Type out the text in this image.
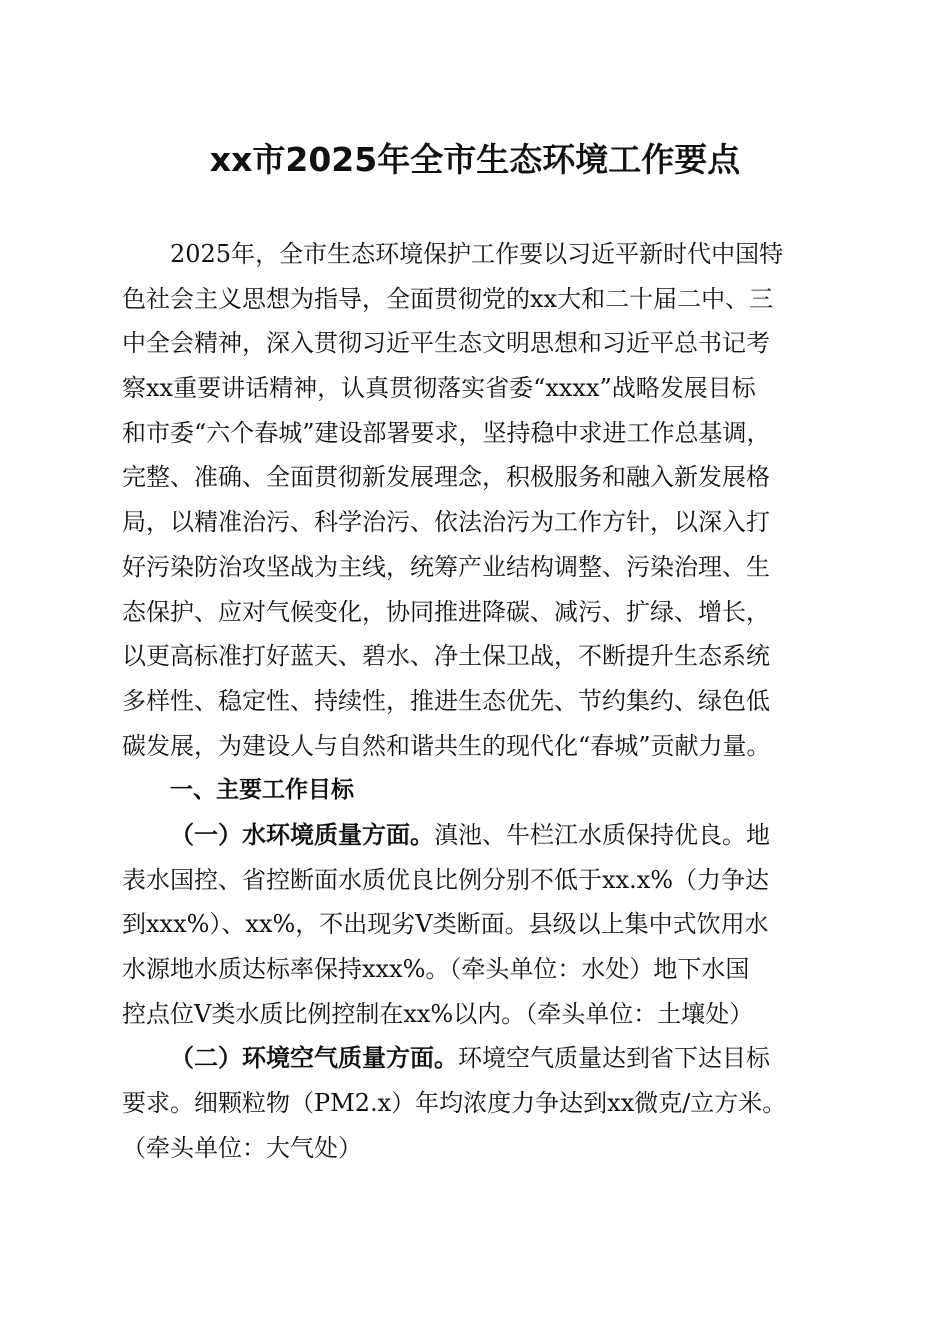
xx市2025年全市生态环境工作要点
2025年，全市生态环境保护工作要以习近平新时代中国特
色社会主义思想为指导，全面贯彻党的xx大和二十届二中、三
中全会精神，深入贯彻习近平生态文明思想和习近平总书记考
察xx重要讲话精神，认真贯彻落实省委“xxxx”战略发展目标
和市委“六个春城”建设部署要求，坚持稳中求进工作总基调，
完整、准确、全面贯彻新发展理念，积极服务和融入新发展格
局，以精准治污、科学治污、依法治污为工作方针，以深入打
好污染防治攻坚战为主线，统筹产业结构调整、污染治理、生
态保护、应对气候变化，协同推进降碳、减污、扩绿、增长，
以更高标准打好蓝天、碧水、净土保卫战，不断提升生态系统
多样性、稳定性、持续性，推进生态优先、节约集约、绿色低
碳发展，为建设人与自然和谐共生的现代化“春城”贡献力量。
一、主要工作目标
（一）水环境质量方面。滇池、牛栏江水质保持优良。地
表水国控、省控断面水质优良比例分别不低于xx.x%（力争达
到xxx%）、xx%，不出现劣Ⅴ类断面。县级以上集中式饮用水
水源地水质达标率保持xxx%。（牵头单位：水处）地下水国
控点位Ⅴ类水质比例控制在xx%以内。（牵头单位：土壤处）
（二）环境空气质量方面。环境空气质量达到省下达目标
要求。细颗粒物（PM2.x）年均浓度力争达到xx微克/立方米。
（牵头单位：大气处）
